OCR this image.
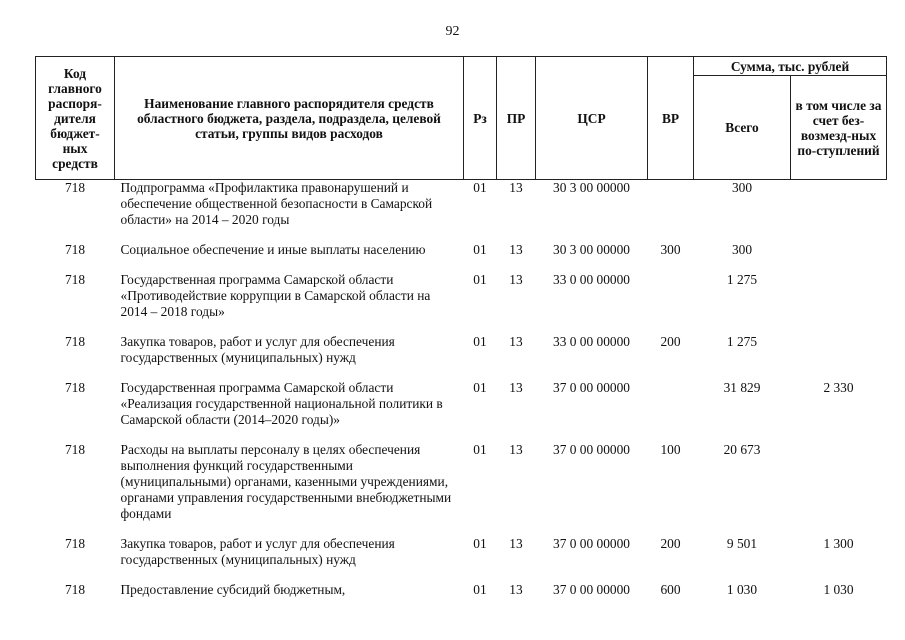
92
Код главного распоря-дителя бюджет-ных средств	Наименование главного распорядителя средств областного бюджета, раздела, подраздела, целевой статьи, группы видов расходов	Рз	ПР	ЦСР	ВР	Сумма, тыс. рублей	
						Всего	в том числе за счет без-возмезд-ных по-ступлений
718	Подпрограмма «Профилактика правонарушений и обеспечение общественной безопасности в Самарской области» на 2014 – 2020 годы	01	13	30 3 00 00000		300	
718	Социальное обеспечение и иные выплаты населению	01	13	30 3 00 00000	300	300	
718	Государственная программа Самарской области «Противодействие коррупции в Самарской области на 2014 – 2018 годы»	01	13	33 0 00 00000		1 275	
718	Закупка товаров, работ и услуг для обеспечения государственных (муниципальных) нужд	01	13	33 0 00 00000	200	1 275	
718	Государственная программа Самарской области «Реализация государственной национальной политики в Самарской области (2014–2020 годы)»	01	13	37 0 00 00000		31 829	2 330
718	Расходы на выплаты персоналу в целях обеспечения выполнения функций государственными (муниципальными) органами, казенными учреждениями, органами управления государственными внебюджетными фондами	01	13	37 0 00 00000	100	20 673	
718	Закупка товаров, работ и услуг для обеспечения государственных (муниципальных) нужд	01	13	37 0 00 00000	200	9 501	1 300
718	Предоставление субсидий бюджетным,	01	13	37 0 00 00000	600	1 030	1 030
